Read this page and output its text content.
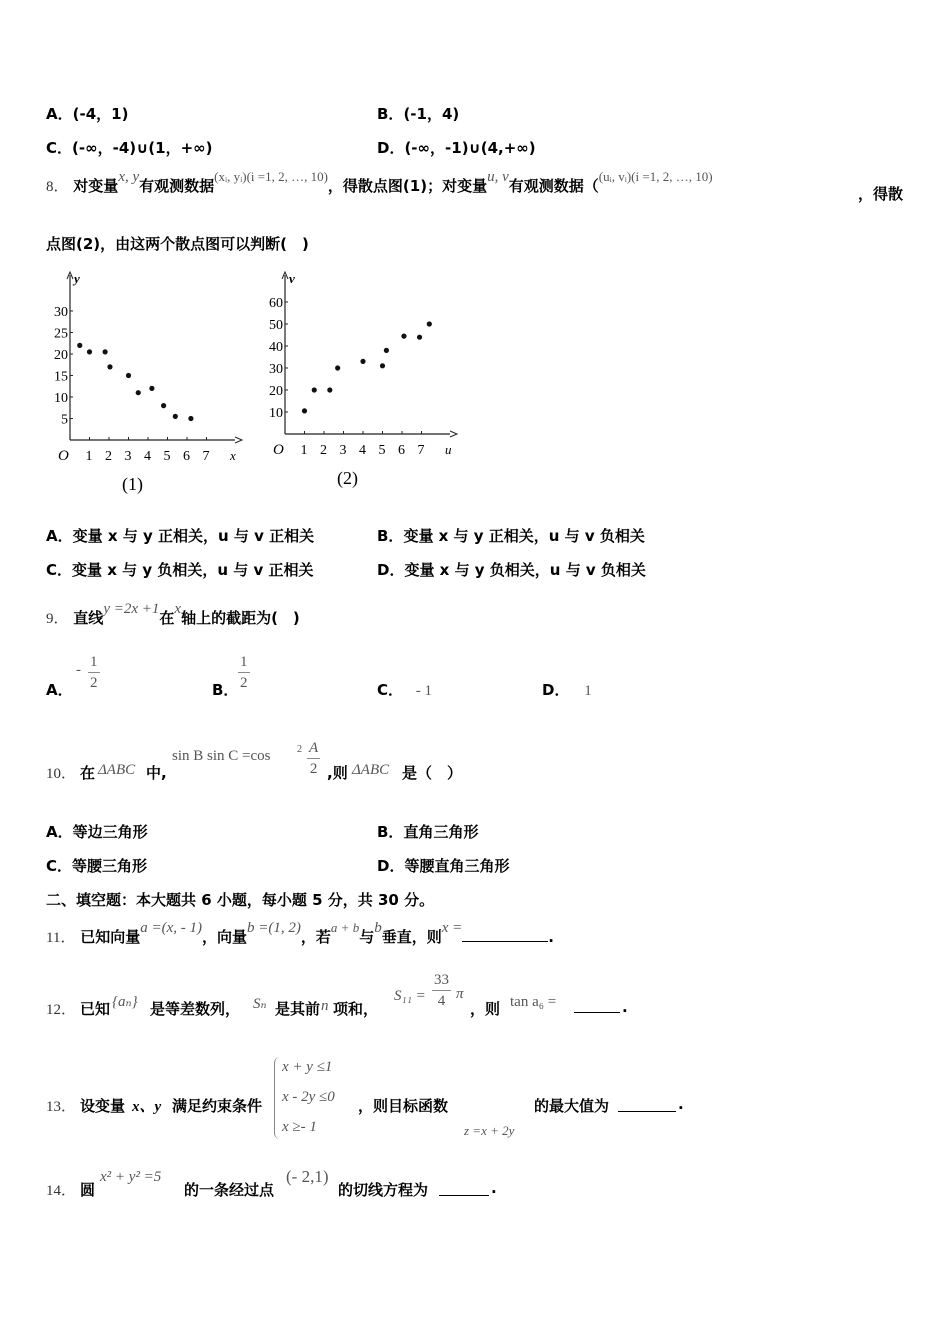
A．(-4，1)	B．(-1，4)
C．(-∞，-4)∪(1，+∞)	D．(-∞，-1)∪(4,+∞)
8． 对变量x, y有观测数据(xᵢ, yᵢ)(i =1, 2, …, 10)，得散点图(1)；对变量u, v有观测数据（(uᵢ, vᵢ)(i =1, 2, …, 10)
，得散
点图(2)，由这两个散点图可以判断(　)
y
x
O 1 2 3 4 5 6 7
5
10
15
20
25
30
(1)
v
u
O 1 2 3 4 5 6 7
10
20
30
40
50
60
(2)
A．变量 x 与 y 正相关，u 与 v 正相关	B．变量 x 与 y 正相关，u 与 v 负相关
C．变量 x 与 y 负相关，u 与 v 正相关	D．变量 x 与 y 负相关，u 与 v 负相关
9． 直线y =2x +1在x轴上的截距为(　)
A．
- $\frac{1}{2}$	B． $\frac{1}{2}$	C． - 1	D． 1
10． 在 ΔABC 中,
sin B sin C =cos	$2 \frac{A}{2}$ ,则 ΔABC 是（　）
A．等边三角形	B．直角三角形
C．等腰三角形	D．等腰直角三角形
二、填空题：本大题共 6 小题，每小题 5 分，共 30 分。
11． 已知向量a =(x, - 1)，向量b =(1, 2)，若a + b与b垂直，则x =	.
12． 已知 {aₙ} 是等差数列， Sₙ 是其前 n 项和，
$S_{11} = \frac{33}{4}$ π
，则 tan a₆ =	.
13． 设变量 x、y 满足约束条件
x + y ≤1
x - 2y ≤0
x ≥- 1
，则目标函数
z =x + 2y
的最大值为	.
14． 圆
x² + y² =5
的一条经过点
(- 2,1)
的切线方程为	.
